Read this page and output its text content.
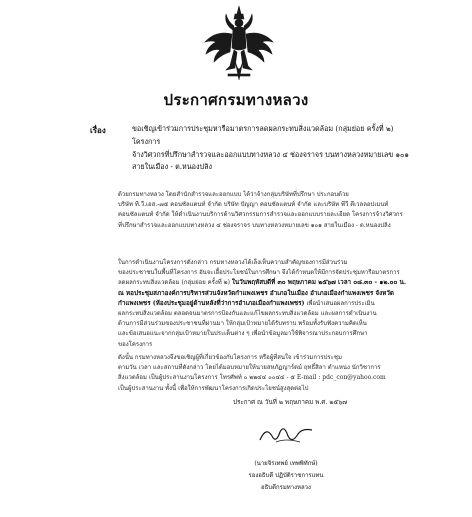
ประกาศกรมทางหลวง
เรื่อง	ขอเชิญเข้าร่วมการประชุมหารือมาตรการลดผลกระทบสิ่งแวดล้อม (กลุ่มย่อย ครั้งที่ ๒) โครงการ
จ้างวิศวกรที่ปรึกษาสำรวจและออกแบบทางหลวง ๔ ช่องจราจร บนทางหลวงหมายเลข ๑๐๑
สายในเมือง - ต.หนองปลิง
ด้วยกรมทางหลวง โดยสำนักสำรวจและออกแบบ ได้ว่าจ้างกลุ่มบริษัทที่ปรึกษา ประกอบด้วย
บริษัท ที.วี.เอส.-๗๕ คอนซัลแตนท์ จำกัด บริษัท ปัญญา คอนซัลแตนท์ จำกัด และบริษัท พีวี ดีเวลลอปเมนท์
คอนซัลแตนท์ จำกัด ให้ดำเนินงานบริการด้านวิศวกรรมการสำรวจและออกแบบรายละเอียด โครงการจ้างวิศวกร
ที่ปรึกษาสำรวจและออกแบบทางหลวง ๔ ช่องจราจร บนทางหลวงหมายเลข ๑๐๑ สายในเมือง - ต.หนองปลิง
ในการดำเนินงานโครงการดังกล่าว กรมทางหลวงได้เล็งเห็นความสำคัญของการมีส่วนร่วม
ของประชาชนในพื้นที่โครงการ อันจะเอื้อประโยชน์ในการศึกษา จึงได้กำหนดให้มีการจัดประชุมหารือมาตรการ
ลดผลกระทบสิ่งแวดล้อม (กลุ่มย่อย ครั้งที่ ๒) ในวันพฤหัสบดีที่ ๓๐ พฤษภาคม ๒๕๖๗ เวลา ๐๘.๓๐ - ๑๒.๐๐ น.
ณ หอประชุมสภาองค์การบริหารส่วนจังหวัดกำแพงเพชร อำเภอในเมือง อำเภอเมืองกำแพงเพชร จังหวัด
กำแพงเพชร (ห้องประชุมอยู่ด้านหลังที่ว่าการอำเภอเมืองกำแพงเพชร) เพื่อนำเสนอผลการประเมิน
ผลกระทบสิ่งแวดล้อม ตลอดจนมาตรการป้องกันและแก้ไขผลกระทบสิ่งแวดล้อม และผลการดำเนินงาน
ด้านการมีส่วนร่วมของประชาชนที่ผ่านมา ให้กลุ่มเป้าหมายได้รับทราบ พร้อมทั้งรับฟังความคิดเห็น
และข้อเสนอแนะจากกลุ่มเป้าหมายในประเด็นต่าง ๆ เพื่อนำข้อมูลมาใช้พิจารณาประกอบการศึกษา
ของโครงการ
ดังนั้น กรมทางหลวงจึงขอเชิญผู้ที่เกี่ยวข้องกับโครงการ หรือผู้ที่สนใจ เข้าร่วมการประชุม
ตามวัน เวลา และสถานที่ดังกล่าว โดยได้มอบหมายให้นายสหภัฏญาร์ดม์ ฤทธิ์สิลา ตำแหน่ง นักวิชาการ
สิ่งแวดล้อม เป็นผู้ประสานงานโครงการ โทรศัพท์ ๐ ๒๒๔๔ ๐๐๔๔ - ๕ E-mail : pdc_con@yahoo.com
เป็นผู้ประสานงาน ทั้งนี้ เพื่อให้การพัฒนาโครงการเกิดประโยชน์สูงสุดต่อไป
ประกาศ ณ วันที่ ๒ พฤษภาคม พ.ศ. ๒๕๖๗
(นายจิรเทพย์ เทพพิทักษ์)
รองอธิบดี ปฏิบัติราชการแทน
อธิบดีกรมทางหลวง
